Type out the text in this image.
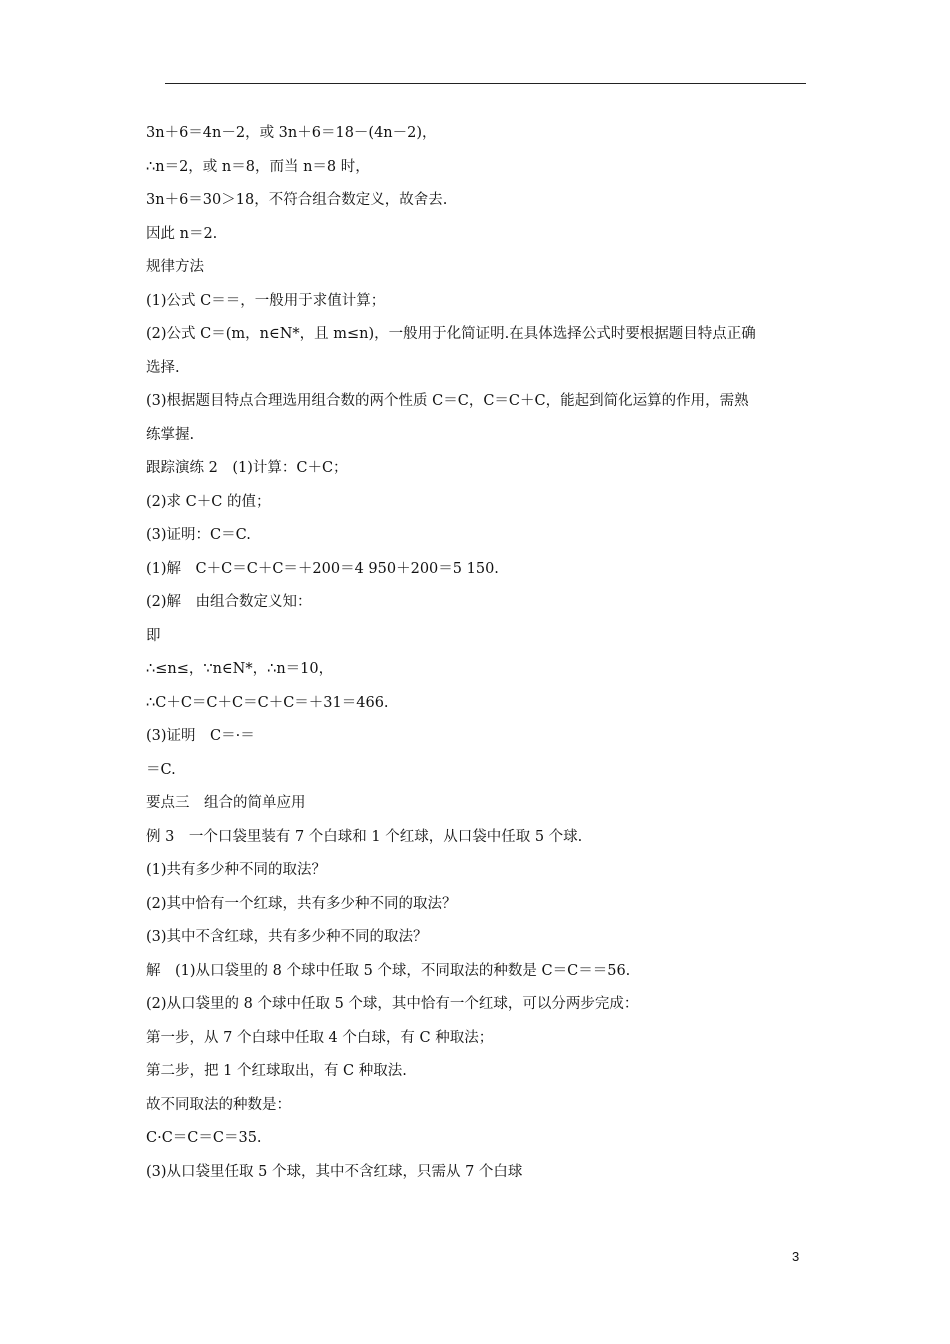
3n＋6＝4n－2，或 3n＋6＝18－(4n－2)，
∴n＝2，或 n＝8，而当 n＝8 时，
3n＋6＝30＞18，不符合组合数定义，故舍去.
因此 n＝2.
规律方法
(1)公式 C＝＝，一般用于求值计算；
(2)公式 C＝(m，n∈N*，且 m≤n)，一般用于化简证明.在具体选择公式时要根据题目特点正确
选择.
(3)根据题目特点合理选用组合数的两个性质 C＝C，C＝C＋C，能起到简化运算的作用，需熟
练掌握.
跟踪演练 2　(1)计算：C＋C；
(2)求 C＋C 的值；
(3)证明：C＝C.
(1)解　C＋C＝C＋C＝＋200＝4 950＋200＝5 150.
(2)解　由组合数定义知：
即
∴≤n≤，∵n∈N*，∴n＝10，
∴C＋C＝C＋C＝C＋C＝＋31＝466.
(3)证明　C＝·＝
＝C.
要点三　组合的简单应用
例 3　一个口袋里装有 7 个白球和 1 个红球，从口袋中任取 5 个球.
(1)共有多少种不同的取法？
(2)其中恰有一个红球，共有多少种不同的取法？
(3)其中不含红球，共有多少种不同的取法？
解　(1)从口袋里的 8 个球中任取 5 个球，不同取法的种数是 C＝C＝＝56.
(2)从口袋里的 8 个球中任取 5 个球，其中恰有一个红球，可以分两步完成：
第一步，从 7 个白球中任取 4 个白球，有 C 种取法；
第二步，把 1 个红球取出，有 C 种取法.
故不同取法的种数是：
C·C＝C＝C＝35.
(3)从口袋里任取 5 个球，其中不含红球，只需从 7 个白球
3
